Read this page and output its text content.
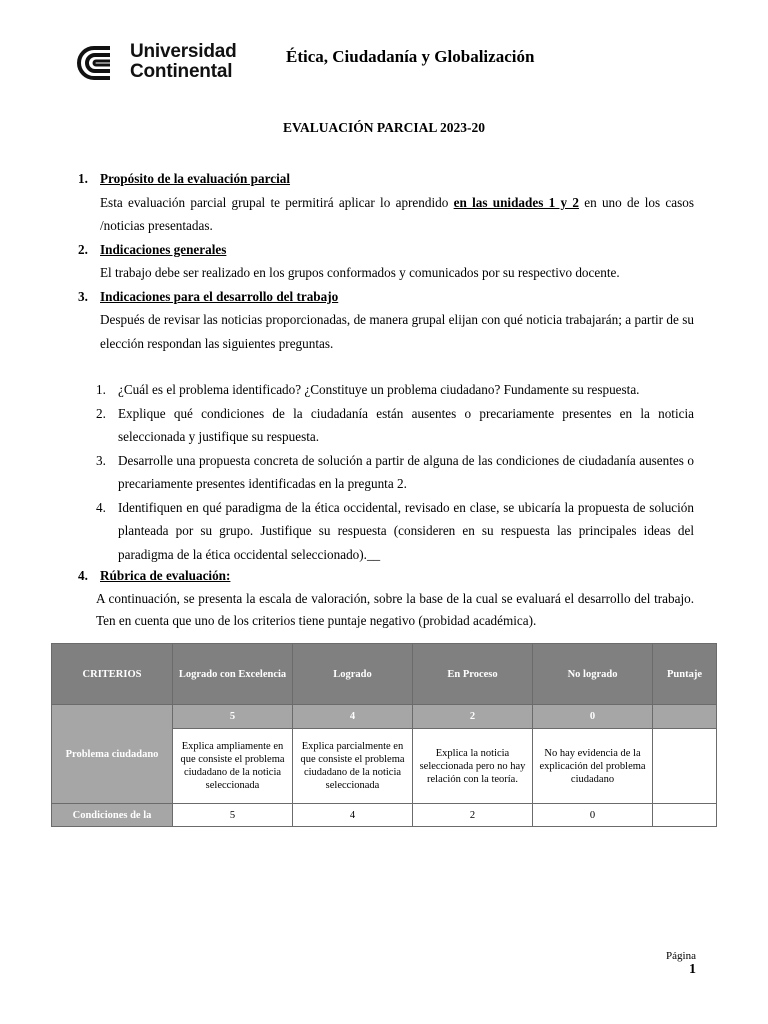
Universidad
Continental
Ética, Ciudadanía y Globalización
EVALUACIÓN PARCIAL 2023-20
1. Propósito de la evaluación parcial
Esta evaluación parcial grupal te permitirá aplicar lo aprendido en las unidades 1 y 2 en uno de los casos /noticias presentadas.
2. Indicaciones generales
El trabajo debe ser realizado en los grupos conformados y comunicados por su respectivo docente.
3. Indicaciones para el desarrollo del trabajo
Después de revisar las noticias proporcionadas, de manera grupal elijan con qué noticia trabajarán; a partir de su elección respondan las siguientes preguntas.
1. ¿Cuál es el problema identificado? ¿Constituye un problema ciudadano? Fundamente su respuesta.
2. Explique qué condiciones de la ciudadanía están ausentes o precariamente presentes en la noticia seleccionada y justifique su respuesta.
3. Desarrolle una propuesta concreta de solución a partir de alguna de las condiciones de ciudadanía ausentes o precariamente presentes identificadas en la pregunta 2.
4. Identifiquen en qué paradigma de la ética occidental, revisado en clase, se ubicaría la propuesta de solución planteada por su grupo. Justifique su respuesta (consideren en su respuesta las principales ideas del paradigma de la ética occidental seleccionado).__
4. Rúbrica de evaluación:
A continuación, se presenta la escala de valoración, sobre la base de la cual se evaluará el desarrollo del trabajo. Ten en cuenta que uno de los criterios tiene puntaje negativo (probidad académica).
CRITERIOS	Logrado con Excelencia	Logrado	En Proceso	No logrado	Puntaje
Problema ciudadano	5	4	2	0	
	Explica ampliamente en que consiste el problema ciudadano de la noticia seleccionada	Explica parcialmente en que consiste el problema ciudadano de la noticia seleccionada	Explica la noticia seleccionada pero no hay relación con la teoría.	No hay evidencia de la explicación del problema ciudadano	
Condiciones de la	5	4	2	0	
Página
1
